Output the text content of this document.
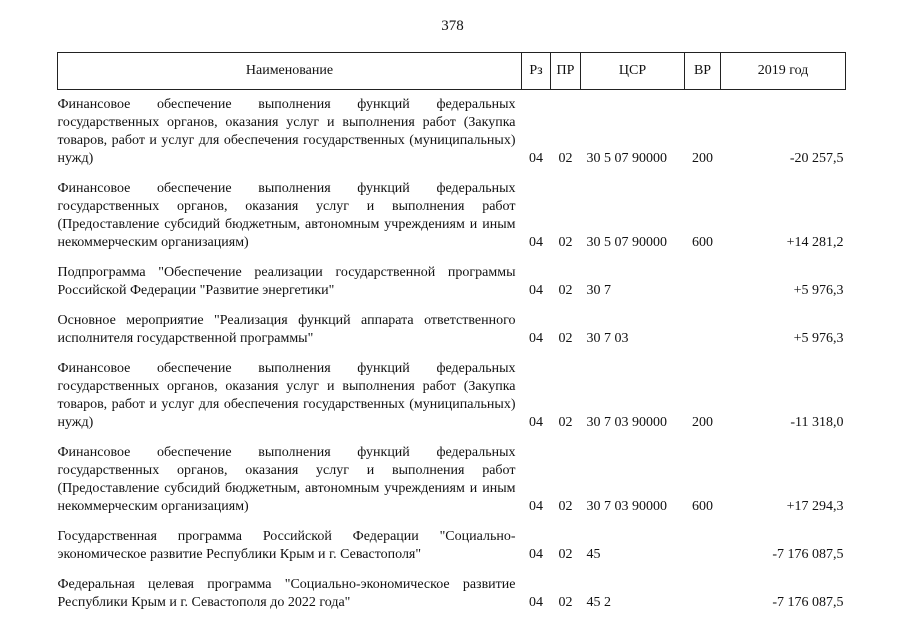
378
Наименование	Рз	ПР	ЦСР	ВР	2019 год

Финансовое обеспечение выполнения функций федеральных государственных органов, оказания услуг и выполнения работ (Закупка товаров, работ и услуг для обеспечения государственных (муниципальных) нужд)	04	02	30 5 07 90000	200	-20 257,5

Финансовое обеспечение выполнения функций федеральных государственных органов, оказания услуг и выполнения работ (Предоставление субсидий бюджетным, автономным учреждениям и иным некоммерческим организациям)	04	02	30 5 07 90000	600	+14 281,2

Подпрограмма "Обеспечение реализации государственной программы Российской Федерации "Развитие энергетики"	04	02	30 7		+5 976,3

Основное мероприятие "Реализация функций аппарата ответственного исполнителя государственной программы"	04	02	30 7 03		+5 976,3

Финансовое обеспечение выполнения функций федеральных государственных органов, оказания услуг и выполнения работ (Закупка товаров, работ и услуг для обеспечения государственных (муниципальных) нужд)	04	02	30 7 03 90000	200	-11 318,0

Финансовое обеспечение выполнения функций федеральных государственных органов, оказания услуг и выполнения работ (Предоставление субсидий бюджетным, автономным учреждениям и иным некоммерческим организациям)	04	02	30 7 03 90000	600	+17 294,3

Государственная программа Российской Федерации "Социально-экономическое развитие Республики Крым и г. Севастополя"	04	02	45		-7 176 087,5

Федеральная целевая программа "Социально-экономическое развитие Республики Крым и г. Севастополя до 2022 года"	04	02	45 2		-7 176 087,5
